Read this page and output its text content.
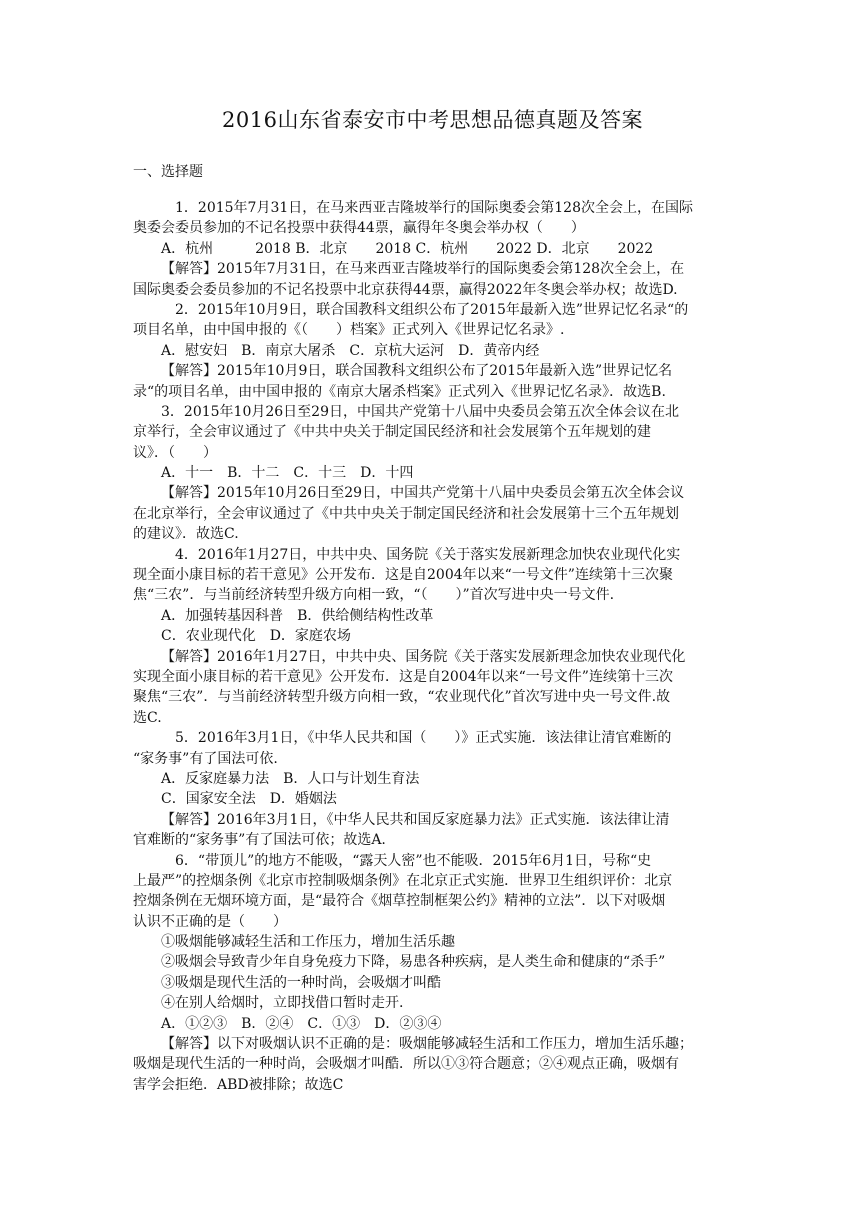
2016山东省泰安市中考思想品德真题及答案
一、选择题
1．2015年7月31日，在马来西亚吉隆坡举行的国际奥委会第128次全会上，在国际
奥委会委员参加的不记名投票中获得44票，赢得年冬奥会举办权（　　）
A．杭州　　　2018 B．北京　　2018 C．杭州　　2022 D．北京　　2022
【解答】2015年7月31日，在马来西亚吉隆坡举行的国际奥委会第128次全会上，在
国际奥委会委员参加的不记名投票中北京获得44票，赢得2022年冬奥会举办权；故选D.
2．2015年10月9日，联合国教科文组织公布了2015年最新入选”世界记忆名录“的
项目名单，由中国申报的《（　　）档案》正式列入《世界记忆名录》.
A．慰安妇　B．南京大屠杀　C．京杭大运河　D．黄帝内经
【解答】2015年10月9日，联合国教科文组织公布了2015年最新入选”世界记忆名
录“的项目名单，由中国申报的《南京大屠杀档案》正式列入《世界记忆名录》．故选B.
3．2015年10月26日至29日，中国共产党第十八届中央委员会第五次全体会议在北
京举行，全会审议通过了《中共中央关于制定国民经济和社会发展第个五年规划的建
议》．（　　）
A．十一　B．十二　C．十三　D．十四
【解答】2015年10月26日至29日，中国共产党第十八届中央委员会第五次全体会议
在北京举行，全会审议通过了《中共中央关于制定国民经济和社会发展第十三个五年规划
的建议》．故选C.
4．2016年1月27日，中共中央、国务院《关于落实发展新理念加快农业现代化实
现全面小康目标的若干意见》公开发布．这是自2004年以来“一号文件”连续第十三次聚
焦“三农”．与当前经济转型升级方向相一致，“（　　）”首次写进中央一号文件.
A．加强转基因科普　B．供给侧结构性改革
C．农业现代化　D．家庭农场
【解答】2016年1月27日，中共中央、国务院《关于落实发展新理念加快农业现代化
实现全面小康目标的若干意见》公开发布．这是自2004年以来“一号文件”连续第十三次
聚焦“三农”．与当前经济转型升级方向相一致，“农业现代化”首次写进中央一号文件.故
选C.
5．2016年3月1日，《中华人民共和国（　　）》正式实施．该法律让清官难断的
“家务事”有了国法可依.
A．反家庭暴力法　B．人口与计划生育法
C．国家安全法　D．婚姻法
【解答】2016年3月1日，《中华人民共和国反家庭暴力法》正式实施．该法律让清
官难断的“家务事”有了国法可依；故选A.
6．“带顶儿”的地方不能吸，“露天人密”也不能吸．2015年6月1日，号称“史
上最严”的控烟条例《北京市控制吸烟条例》在北京正式实施．世界卫生组织评价：北京
控烟条例在无烟环境方面，是“最符合《烟草控制框架公约》精神的立法”．以下对吸烟
认识不正确的是（　　）
①吸烟能够减轻生活和工作压力，增加生活乐趣
②吸烟会导致青少年自身免疫力下降，易患各种疾病，是人类生命和健康的“杀手”
③吸烟是现代生活的一种时尚，会吸烟才叫酷
④在别人给烟时，立即找借口暂时走开.
A．①②③　B．②④　C．①③　D．②③④
【解答】以下对吸烟认识不正确的是：吸烟能够减轻生活和工作压力，增加生活乐趣；
吸烟是现代生活的一种时尚，会吸烟才叫酷．所以①③符合题意；②④观点正确，吸烟有
害学会拒绝．ABD被排除；故选C
